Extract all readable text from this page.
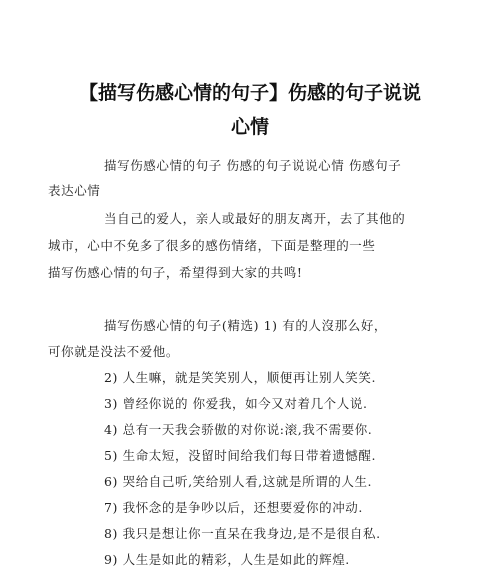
【描写伤感心情的句子】伤感的句子说说
心情
描写伤感心情的句子 伤感的句子说说心情 伤感句子
表达心情
当自己的爱人，亲人或最好的朋友离开，去了其他的
城市，心中不免多了很多的感伤情绪，下面是整理的一些
描写伤感心情的句子，希望得到大家的共鸣!
描写伤感心情的句子(精选) 1) 有的人沒那么好，
可你就是没法不爱他。
2) 人生嘛，就是笑笑别人，顺便再让别人笑笑.
3) 曾经你说的 你爱我，如今又对着几个人说.
4) 总有一天我会骄傲的对你说:滚,我不需要你.
5) 生命太短，没留时间给我们每日带着遗憾醒.
6) 哭给自己听,笑给别人看,这就是所谓的人生.
7) 我怀念的是争吵以后，还想要爱你的冲动.
8) 我只是想让你一直呆在我身边,是不是很自私.
9) 人生是如此的精彩，人生是如此的辉煌.
